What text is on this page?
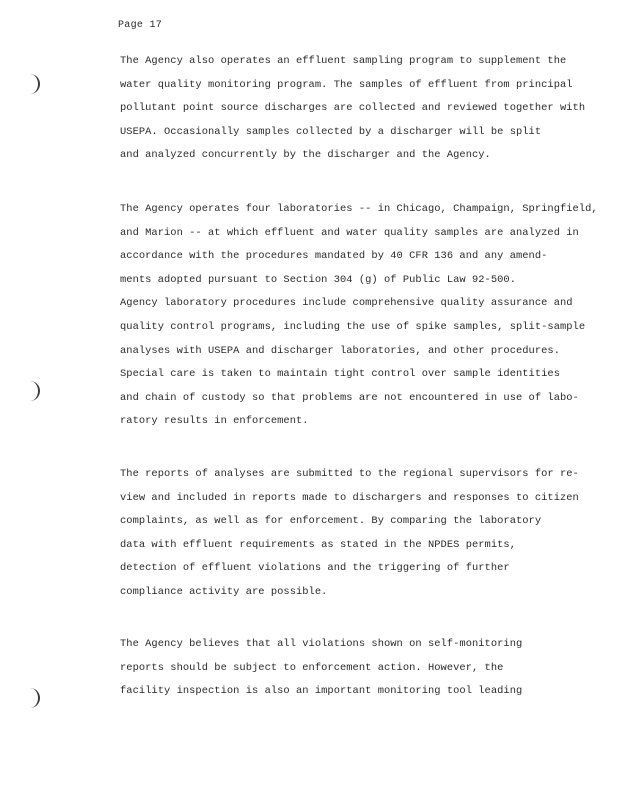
Page 17
The Agency also operates an effluent sampling program to supplement the
water quality monitoring program. The samples of effluent from principal
pollutant point source discharges are collected and reviewed together with
USEPA. Occasionally samples collected by a discharger will be split
and analyzed concurrently by the discharger and the Agency.
The Agency operates four laboratories -- in Chicago, Champaign, Springfield,
and Marion -- at which effluent and water quality samples are analyzed in
accordance with the procedures mandated by 40 CFR 136 and any amend-
ments adopted pursuant to Section 304 (g) of Public Law 92-500.
Agency laboratory procedures include comprehensive quality assurance and
quality control programs, including the use of spike samples, split-sample
analyses with USEPA and discharger laboratories, and other procedures.
Special care is taken to maintain tight control over sample identities
and chain of custody so that problems are not encountered in use of labo-
ratory results in enforcement.
The reports of analyses are submitted to the regional supervisors for re-
view and included in reports made to dischargers and responses to citizen
complaints, as well as for enforcement. By comparing the laboratory
data with effluent requirements as stated in the NPDES permits,
detection of effluent violations and the triggering of further
compliance activity are possible.
The Agency believes that all violations shown on self-monitoring
reports should be subject to enforcement action. However, the
facility inspection is also an important monitoring tool leading
